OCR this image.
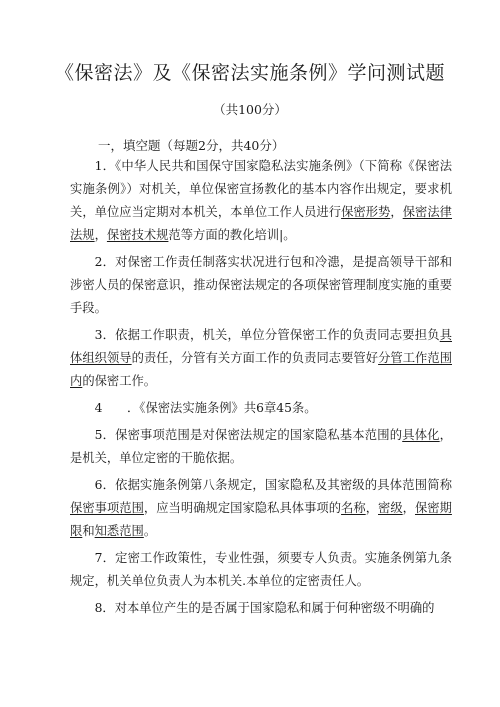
《保密法》及《保密法实施条例》学问测试题
（共100分）
一，填空题（每题2分，共40分）

1．《中华人民共和国保守国家隐私法实施条例》（下简称《保密法实施条例》）对机关，单位保密宣扬教化的基本内容作出规定，要求机关，单位应当定期对本机关，本单位工作人员进行保密形势，保密法律法规，保密技术规范等方面的教化培训|。

2．对保密工作责任制落实状况进行包和冷漶，是提高领导干部和涉密人员的保密意识，推动保密法规定的各项保密管理制度实施的重要手段。

3．依据工作职责，机关，单位分管保密工作的负责同志要担负具体组织领导的责任，分管有关方面工作的负责同志要管好分管工作范围内的保密工作。

4　　．《保密法实施条例》共6章45条。

5．保密事项范围是对保密法规定的国家隐私基本范围的具体化，是机关，单位定密的干脆依据。

6．依据实施条例第八条规定，国家隐私及其密级的具体范围简称保密事项范围，应当明确规定国家隐私具体事项的名称，密级，保密期限和知悉范围。

7．定密工作政策性，专业性强，须要专人负责。实施条例第九条规定，机关单位负责人为本机关.本单位的定密责任人。

8．对本单位产生的是否属于国家隐私和属于何种密级不明确的
